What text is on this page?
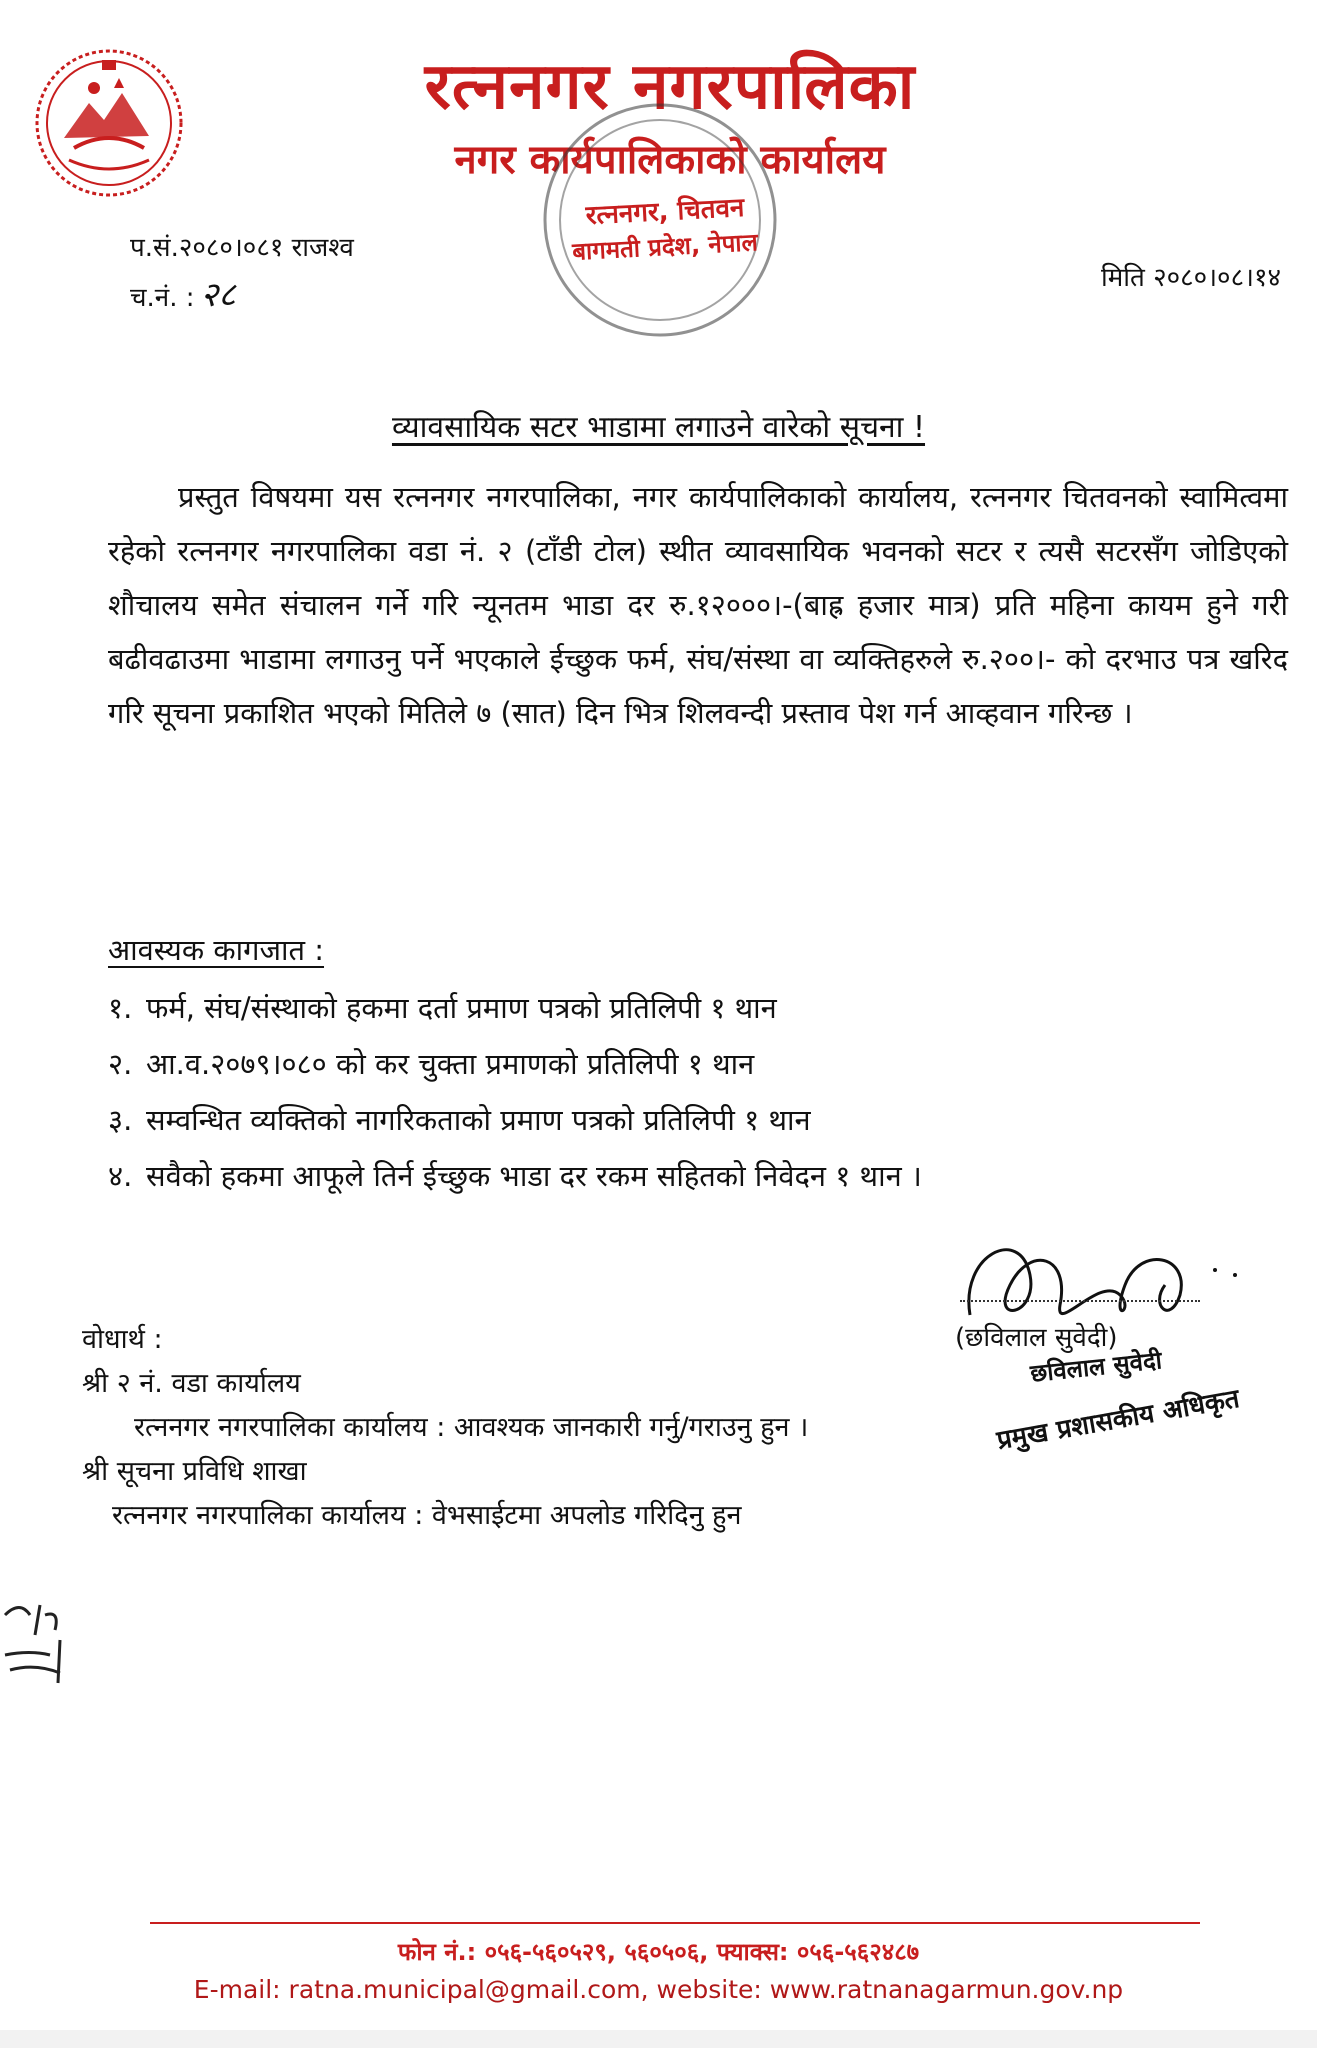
रत्ननगर नगरपालिका
नगर कार्यपालिकाको कार्यालय
रत्ननगर, चितवन
बागमती प्रदेश, नेपाल
प.सं.२०८०।०८१ राजश्व
च.नं. : २८	मिति २०८०।०८।१४
व्यावसायिक सटर भाडामा लगाउने वारेको सूचना !

प्रस्तुत विषयमा यस रत्ननगर नगरपालिका, नगर कार्यपालिकाको कार्यालय, रत्ननगर चितवनको स्वामित्वमा रहेको रत्ननगर नगरपालिका वडा नं. २ (टाँडी टोल) स्थीत व्यावसायिक भवनको सटर र त्यसै सटरसँग जोडिएको शौचालय समेत संचालन गर्ने गरि न्यूनतम भाडा दर रु.१२०००।-(बाह्र हजार मात्र) प्रति महिना कायम हुने गरी बढीवढाउमा भाडामा लगाउनु पर्ने भएकाले ईच्छुक फर्म, संघ/संस्था वा व्यक्तिहरुले रु.२००।- को दरभाउ पत्र खरिद गरि सूचना प्रकाशित भएको मितिले ७ (सात) दिन भित्र शिलवन्दी प्रस्ताव पेश गर्न आव्हवान गरिन्छ ।

आवस्यक कागजात :
१. फर्म, संघ/संस्थाको हकमा दर्ता प्रमाण पत्रको प्रतिलिपी १ थान
२. आ.व.२०७९।०८० को कर चुक्ता प्रमाणको प्रतिलिपी १ थान
३. सम्वन्धित व्यक्तिको नागरिकताको प्रमाण पत्रको प्रतिलिपी १ थान
४. सवैको हकमा आफूले तिर्न ईच्छुक भाडा दर रकम सहितको निवेदन १ थान ।
(छविलाल सुवेदी)
छविलाल सुवेदी
प्रमुख प्रशासकीय अधिकृत
वोधार्थ :
श्री २ नं. वडा कार्यालय
रत्ननगर नगरपालिका कार्यालय : आवश्यक जानकारी गर्नु/गराउनु हुन ।
श्री सूचना प्रविधि शाखा
रत्ननगर नगरपालिका कार्यालय : वेभसाईटमा अपलोड गरिदिनु हुन
फोन नं.: ०५६-५६०५२९, ५६०५०६, फ्याक्स: ०५६-५६२४८७
E-mail: ratna.municipal@gmail.com, website: www.ratnanagarmun.gov.np
